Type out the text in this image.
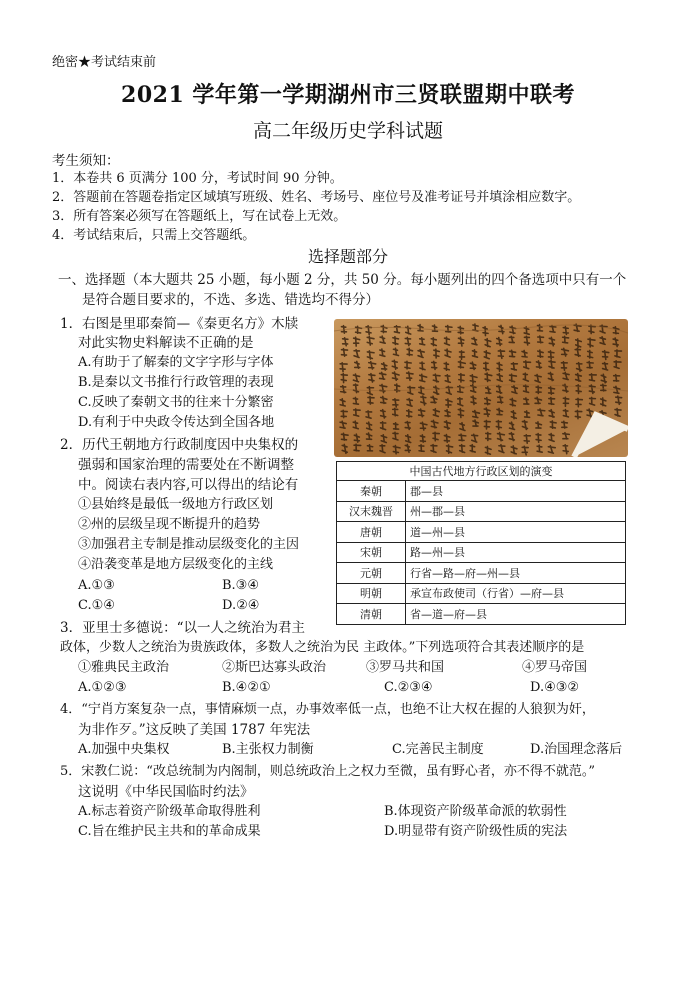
绝密★考试结束前
2021 学年第一学期湖州市三贤联盟期中联考
高二年级历史学科试题
考生须知：
1．本卷共 6 页满分 100 分，考试时间 90 分钟。
2．答题前在答题卷指定区域填写班级、姓名、考场号、座位号及准考证号并填涂相应数字。
3．所有答案必须写在答题纸上，写在试卷上无效。
4．考试结束后，只需上交答题纸。
选择题部分
一、选择题（本大题共 25 小题，每小题 2 分，共 50 分。每小题列出的四个备选项中只有一个
是符合题目要求的，不选、多选、错选均不得分）
1．右图是里耶秦简—《秦更名方》木牍
对此实物史料解读不正确的是
A.有助于了解秦的文字字形与字体
B.是秦以文书推行行政管理的表现
C.反映了秦朝文书的往来十分繁密
D.有利于中央政令传达到全国各地
中国古代地方行政区划的演变	
秦朝	郡—县
汉末魏晋	州—郡—县
唐朝	道—州—县
宋朝	路—州—县
元朝	行省—路—府—州—县
明朝	承宣布政使司（行省）—府—县
清朝	省—道—府—县
2．历代王朝地方行政制度因中央集权的
强弱和国家治理的需要处在不断调整
中。阅读右表内容,可以得出的结论有
①县始终是最低一级地方行政区划
②州的层级呈现不断提升的趋势
③加强君主专制是推动层级变化的主因
④沿袭变革是地方层级变化的主线
A.①③	B.③④
C.①④	D.②④
3．亚里士多德说：“以一人之统治为君主
政体，少数人之统治为贵族政体，多数人之统治为民 主政体。”下列选项符合其表述顺序的是
①雅典民主政治	②斯巴达寡头政治	③罗马共和国	④罗马帝国
A.①②③	B.④②①	C.②③④	D.④③②
4．“宁肖方案复杂一点，事情麻烦一点，办事效率低一点，也绝不让大权在握的人狼狈为奸，
为非作歹。”这反映了美国 1787 年宪法
A.加强中央集权	B.主张权力制衡	C.完善民主制度	D.治国理念落后
5．宋教仁说：“改总统制为内阁制，则总统政治上之权力至微，虽有野心者，亦不得不就范。”
这说明《中华民国临时约法》
A.标志着资产阶级革命取得胜利	B.体现资产阶级革命派的软弱性
C.旨在维护民主共和的革命成果	D.明显带有资产阶级性质的宪法
